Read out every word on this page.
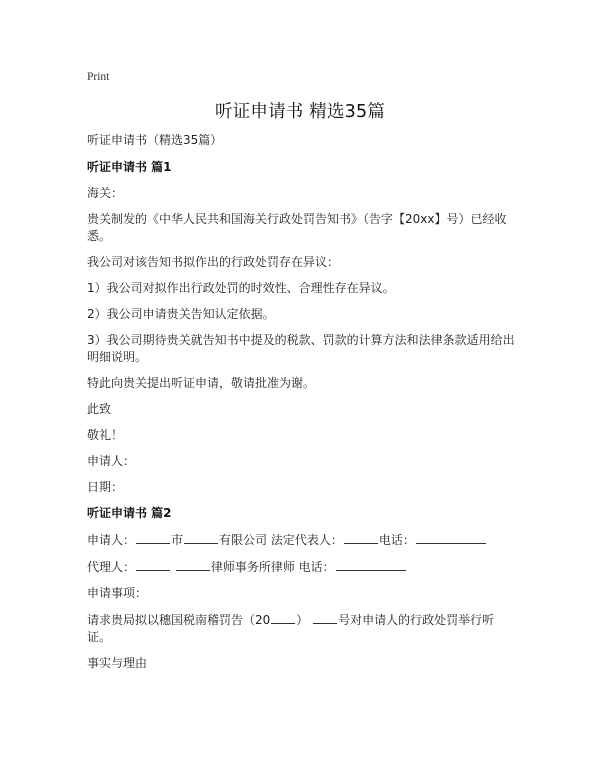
Print
听证申请书 精选35篇

听证申请书（精选35篇）

听证申请书 篇1

海关：

贵关制发的《中华人民共和国海关行政处罚告知书》（告字【20xx】号）已经收悉。

我公司对该告知书拟作出的行政处罚存在异议：

1）我公司对拟作出行政处罚的时效性、合理性存在异议。

2）我公司申请贵关告知认定依据。

3）我公司期待贵关就告知书中提及的税款、罚款的计算方法和法律条款适用给出明细说明。

特此向贵关提出听证申请，敬请批准为谢。

此致

敬礼！

申请人：

日期：

听证申请书 篇2

申请人：	市	有限公司 法定代表人：	电话：

代理人：	律师事务所律师 电话：

申请事项：

请求贵局拟以穗国税南稽罚告（20 ） 号对申请人的行政处罚举行听证。

事实与理由
